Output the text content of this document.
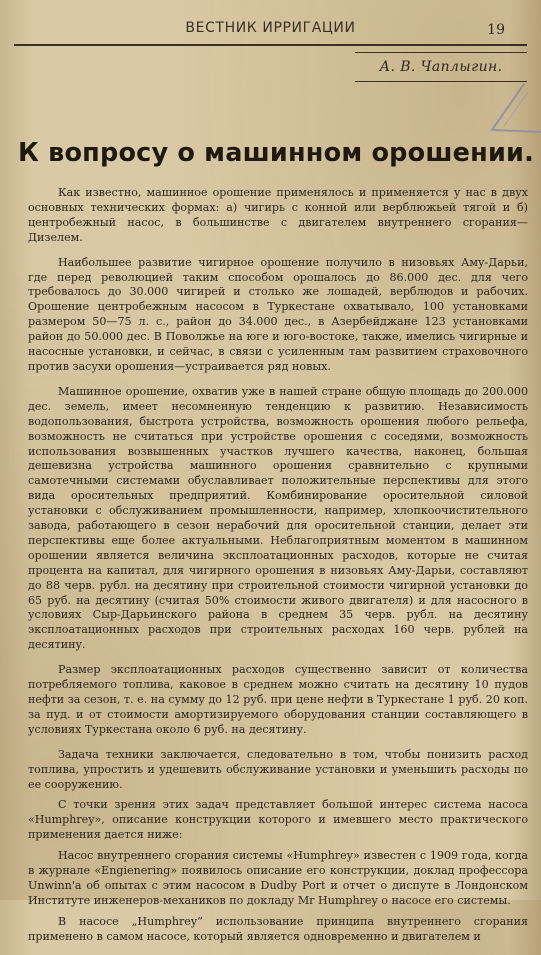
ВЕСТНИК ИРРИГАЦИИ	19
А. В. Чаплыгин.
К вопросу о машинном орошении.

Как известно, машинное орошение применялось и применяется у нас в двух основных технических формах: а) чигирь с конной или верблюжьей тягой и б) центробежный насос, в большинстве с двигателем внутреннего сгорания—Дизелем.

Наибольшее развитие чигирное орошение получило в низовьях Аму-Дарьи, где перед революцией таким способом орошалось до 86.000 дес. для чего требовалось до 30.000 чигирей и столько же лошадей, верблюдов и рабочих. Орошение центробежным насосом в Туркестане охватывало, 100 установками размером 50—75 л. с., район до 34.000 дес., в Азербейджане 123 установками район до 50.000 дес. В Поволжье на юге и юго-востоке, также, имелись чигирные и насосные установки, и сейчас, в связи с усиленным там развитием страховочного против засухи орошения—устраивается ряд новых.

Машинное орошение, охватив уже в нашей стране общую площадь до 200.000 дес. земель, имеет несомненную тенденцию к развитию. Независимость водопользования, быстрота устройства, возможность орошения любого рельефа, возможность не считаться при устройстве орошения с соседями, возможность использования возвышенных участков лучшего качества, наконец, большая дешевизна устройства машинного орошения сравнительно с крупными самотечными системами обуславливает положительные перспективы для этого вида оросительных предприятий. Комбинирование оросительной силовой установки с обслуживанием промышленности, например, хлопкоочистительного завода, работающего в сезон нерабочий для оросительной станции, делает эти перспективы еще более актуальными. Неблагоприятным моментом в машинном орошении является величина эксплоатационных расходов, которые не считая процента на капитал, для чигирного орошения в низовьях Аму-Дарьи, составляют до 88 черв. рубл. на десятину при строительной стоимости чигирной установки до 65 руб. на десятину (считая 50% стоимости живого двигателя) и для насосного в условиях Сыр-Дарьинского района в среднем 35 черв. рубл. на десятину эксплоатационных расходов при строительных расходах 160 черв. рублей на десятину.

Размер эксплоатационных расходов существенно зависит от количества потребляемого топлива, каковое в среднем можно считать на десятину 10 пудов нефти за сезон, т. е. на сумму до 12 руб. при цене нефти в Туркестане 1 руб. 20 коп. за пуд. и от стоимости амортизируемого оборудования станции составляющего в условиях Туркестана около 6 руб. на десятину.

Задача техники заключается, следовательно в том, чтобы понизить расход топлива, упростить и удешевить обслуживание установки и уменьшить расходы по ее сооружению.

С точки зрения этих задач представляет большой интерес система насоса «Humphrey», описание конструкции которого и имевшего место практического применения дается ниже:

Насос внутреннего сгорания системы «Humphrey» известен с 1909 года, когда в журнале «Engienering» появилось описание его конструкции, доклад профессора Unwinn'а об опытах с этим насосом в Dudby Port и отчет о диспуте в Лондонском Институте инженеров-механиков по докладу Mr Humphrey о насосе его системы.

В насосе „Humphrey“ использование принципа внутреннего сгорания применено в самом насосе, который является одновременно и двигателем и
